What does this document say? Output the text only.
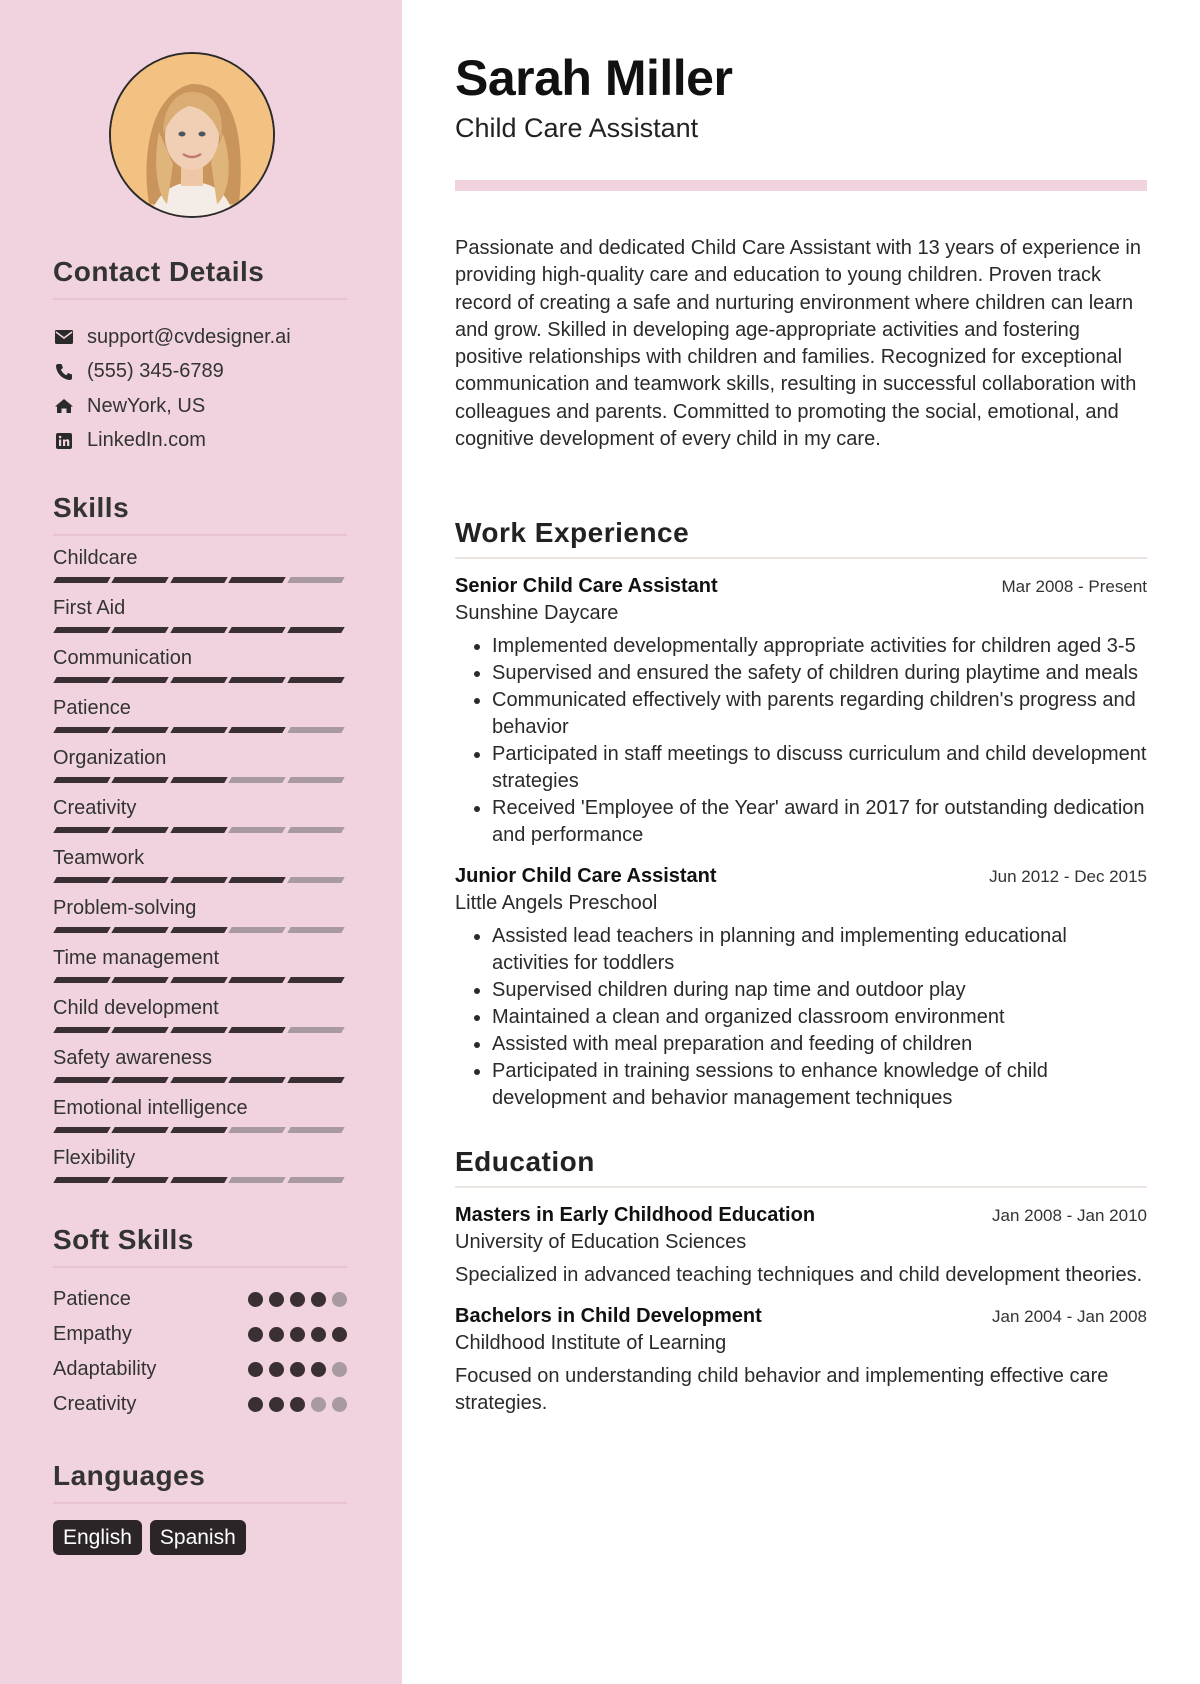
Contact Details
support@cvdesigner.ai
(555) 345-6789
NewYork, US
LinkedIn.com
Skills
Childcare
First Aid
Communication
Patience
Organization
Creativity
Teamwork
Problem-solving
Time management
Child development
Safety awareness
Emotional intelligence
Flexibility
Soft Skills
Patience
Empathy
Adaptability
Creativity
Languages
English	Spanish
Sarah Miller
Child Care Assistant

Passionate and dedicated Child Care Assistant with 13 years of experience in providing high-quality care and education to young children. Proven track record of creating a safe and nurturing environment where children can learn and grow. Skilled in developing age-appropriate activities and fostering positive relationships with children and families. Recognized for exceptional communication and teamwork skills, resulting in successful collaboration with colleagues and parents. Committed to promoting the social, emotional, and cognitive development of every child in my care.

Work Experience
Senior Child Care Assistant	Mar 2008 - Present
Sunshine Daycare
• Implemented developmentally appropriate activities for children aged 3-5
• Supervised and ensured the safety of children during playtime and meals
• Communicated effectively with parents regarding children's progress and behavior
• Participated in staff meetings to discuss curriculum and child development strategies
• Received 'Employee of the Year' award in 2017 for outstanding dedication and performance
Junior Child Care Assistant	Jun 2012 - Dec 2015
Little Angels Preschool
• Assisted lead teachers in planning and implementing educational activities for toddlers
• Supervised children during nap time and outdoor play
• Maintained a clean and organized classroom environment
• Assisted with meal preparation and feeding of children
• Participated in training sessions to enhance knowledge of child development and behavior management techniques
Education
Masters in Early Childhood Education	Jan 2008 - Jan 2010
University of Education Sciences
Specialized in advanced teaching techniques and child development theories.
Bachelors in Child Development	Jan 2004 - Jan 2008
Childhood Institute of Learning
Focused on understanding child behavior and implementing effective care strategies.
